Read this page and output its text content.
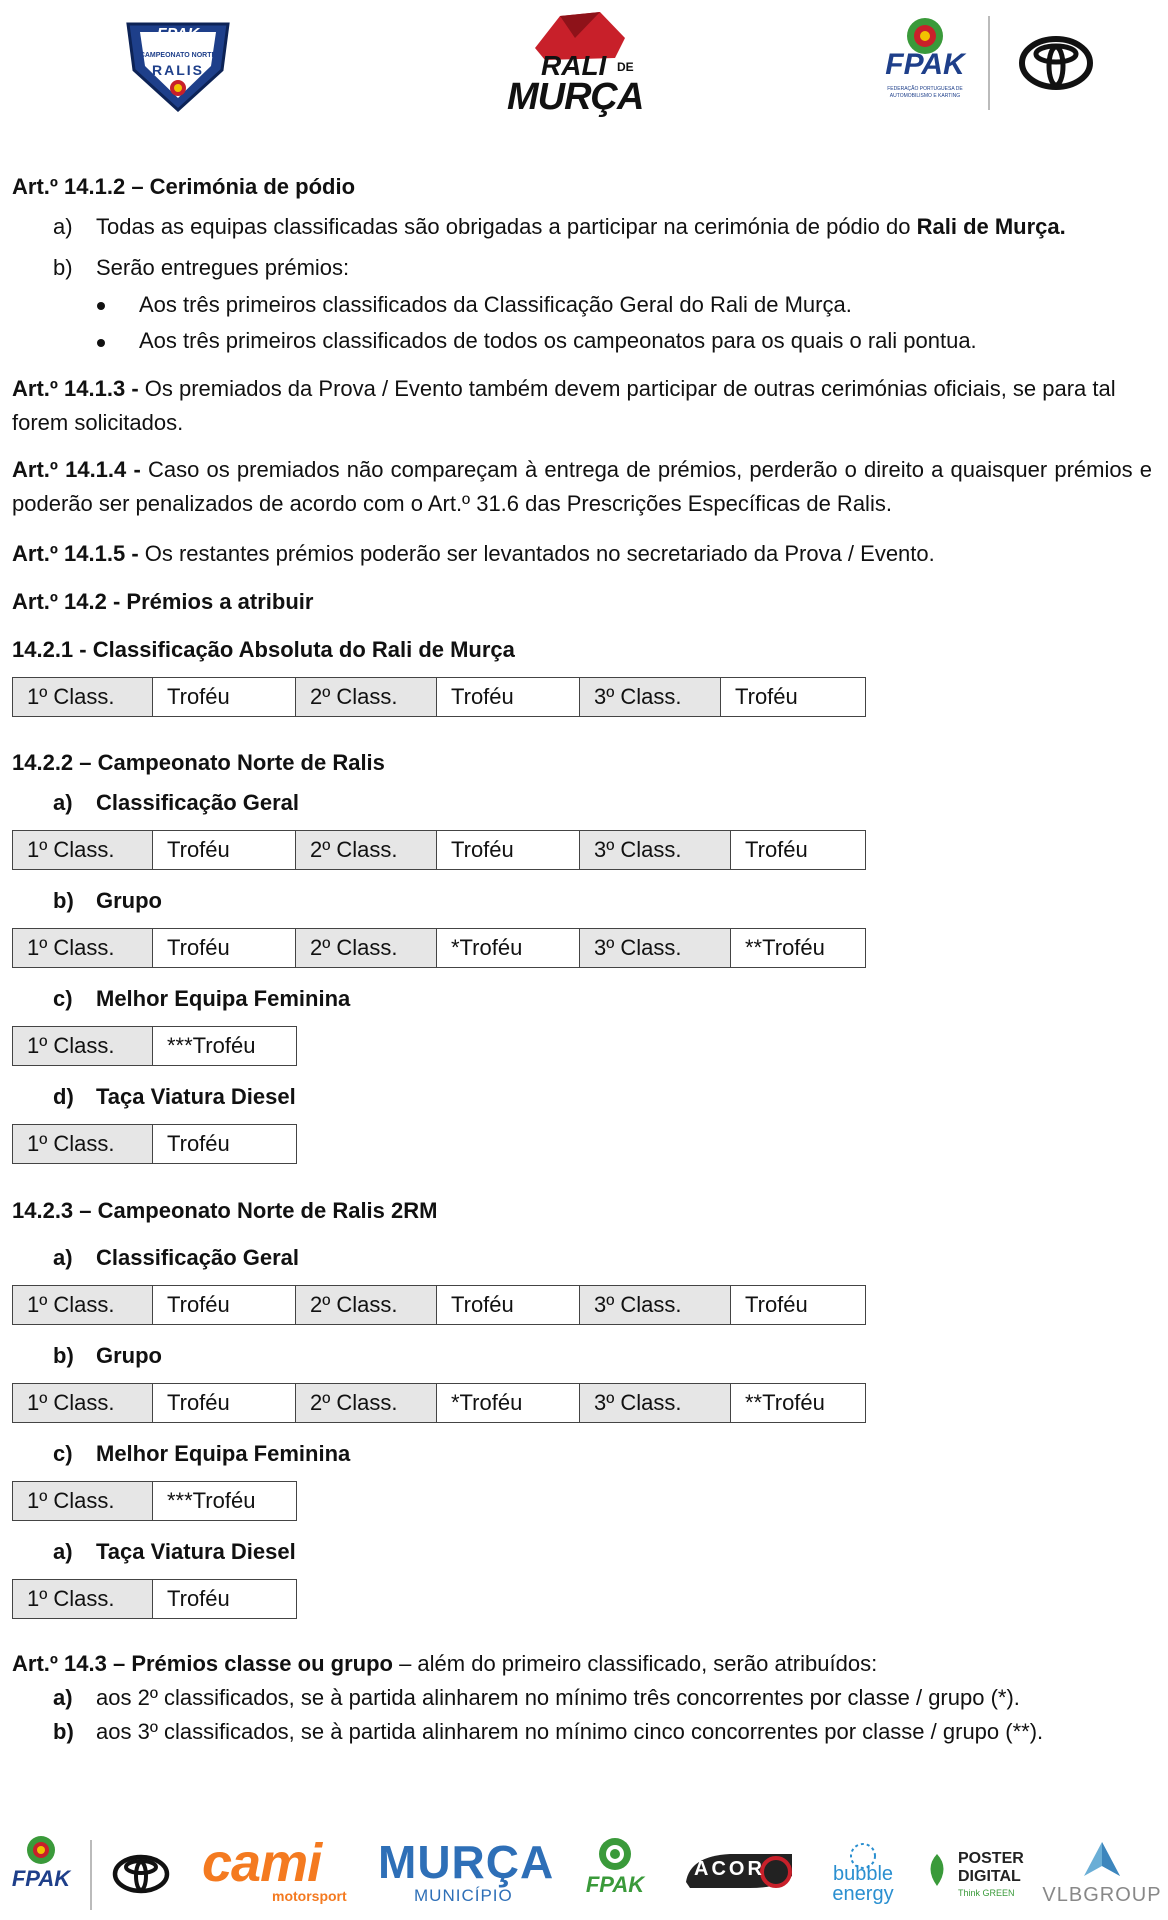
FPAK
CAMPEONATO NORTE
RALIS	RALI DE
MURÇA
FPAK
FEDERAÇÃO PORTUGUESA DE AUTOMOBILISMO E KARTING
Art.º 14.1.2 – Cerimónia de pódio
a) Todas as equipas classificadas são obrigadas a participar na cerimónia de pódio do Rali de Murça.
b) Serão entregues prémios:
Aos três primeiros classificados da Classificação Geral do Rali de Murça.
Aos três primeiros classificados de todos os campeonatos para os quais o rali pontua.
Art.º 14.1.3 - Os premiados da Prova / Evento também devem participar de outras cerimónias oficiais, se para tal forem solicitados.
Art.º 14.1.4 - Caso os premiados não compareçam à entrega de prémios, perderão o direito a quaisquer prémios e poderão ser penalizados de acordo com o Art.º 31.6 das Prescrições Específicas de Ralis.
Art.º 14.1.5 - Os restantes prémios poderão ser levantados no secretariado da Prova / Evento.
Art.º 14.2 - Prémios a atribuir
14.2.1 - Classificação Absoluta do Rali de Murça
1º Class.	Troféu	2º Class.	Troféu	3º Class.	Troféu
14.2.2 – Campeonato Norte de Ralis
a) Classificação Geral
1º Class.	Troféu	2º Class.	Troféu	3º Class.	Troféu
b) Grupo
1º Class.	Troféu	2º Class.	*Troféu	3º Class.	**Troféu
c) Melhor Equipa Feminina
1º Class.	***Troféu
d) Taça Viatura Diesel
1º Class.	Troféu
14.2.3 – Campeonato Norte de Ralis 2RM
a) Classificação Geral
1º Class.	Troféu	2º Class.	Troféu	3º Class.	Troféu
b) Grupo
1º Class.	Troféu	2º Class.	*Troféu	3º Class.	**Troféu
c) Melhor Equipa Feminina
1º Class.	***Troféu
a) Taça Viatura Diesel
1º Class.	Troféu
Art.º 14.3 – Prémios classe ou grupo – além do primeiro classificado, serão atribuídos:
a) aos 2º classificados, se à partida alinharem no mínimo três concorrentes por classe / grupo (*).
b) aos 3º classificados, se à partida alinharem no mínimo cinco concorrentes por classe / grupo (**).
FPAK cami
motorsport
MURÇA
MUNICÍPIO	FPAK
ACOR	bubble
energy
POSTER
DIGITAL
Think GREEN VLBGROUP
